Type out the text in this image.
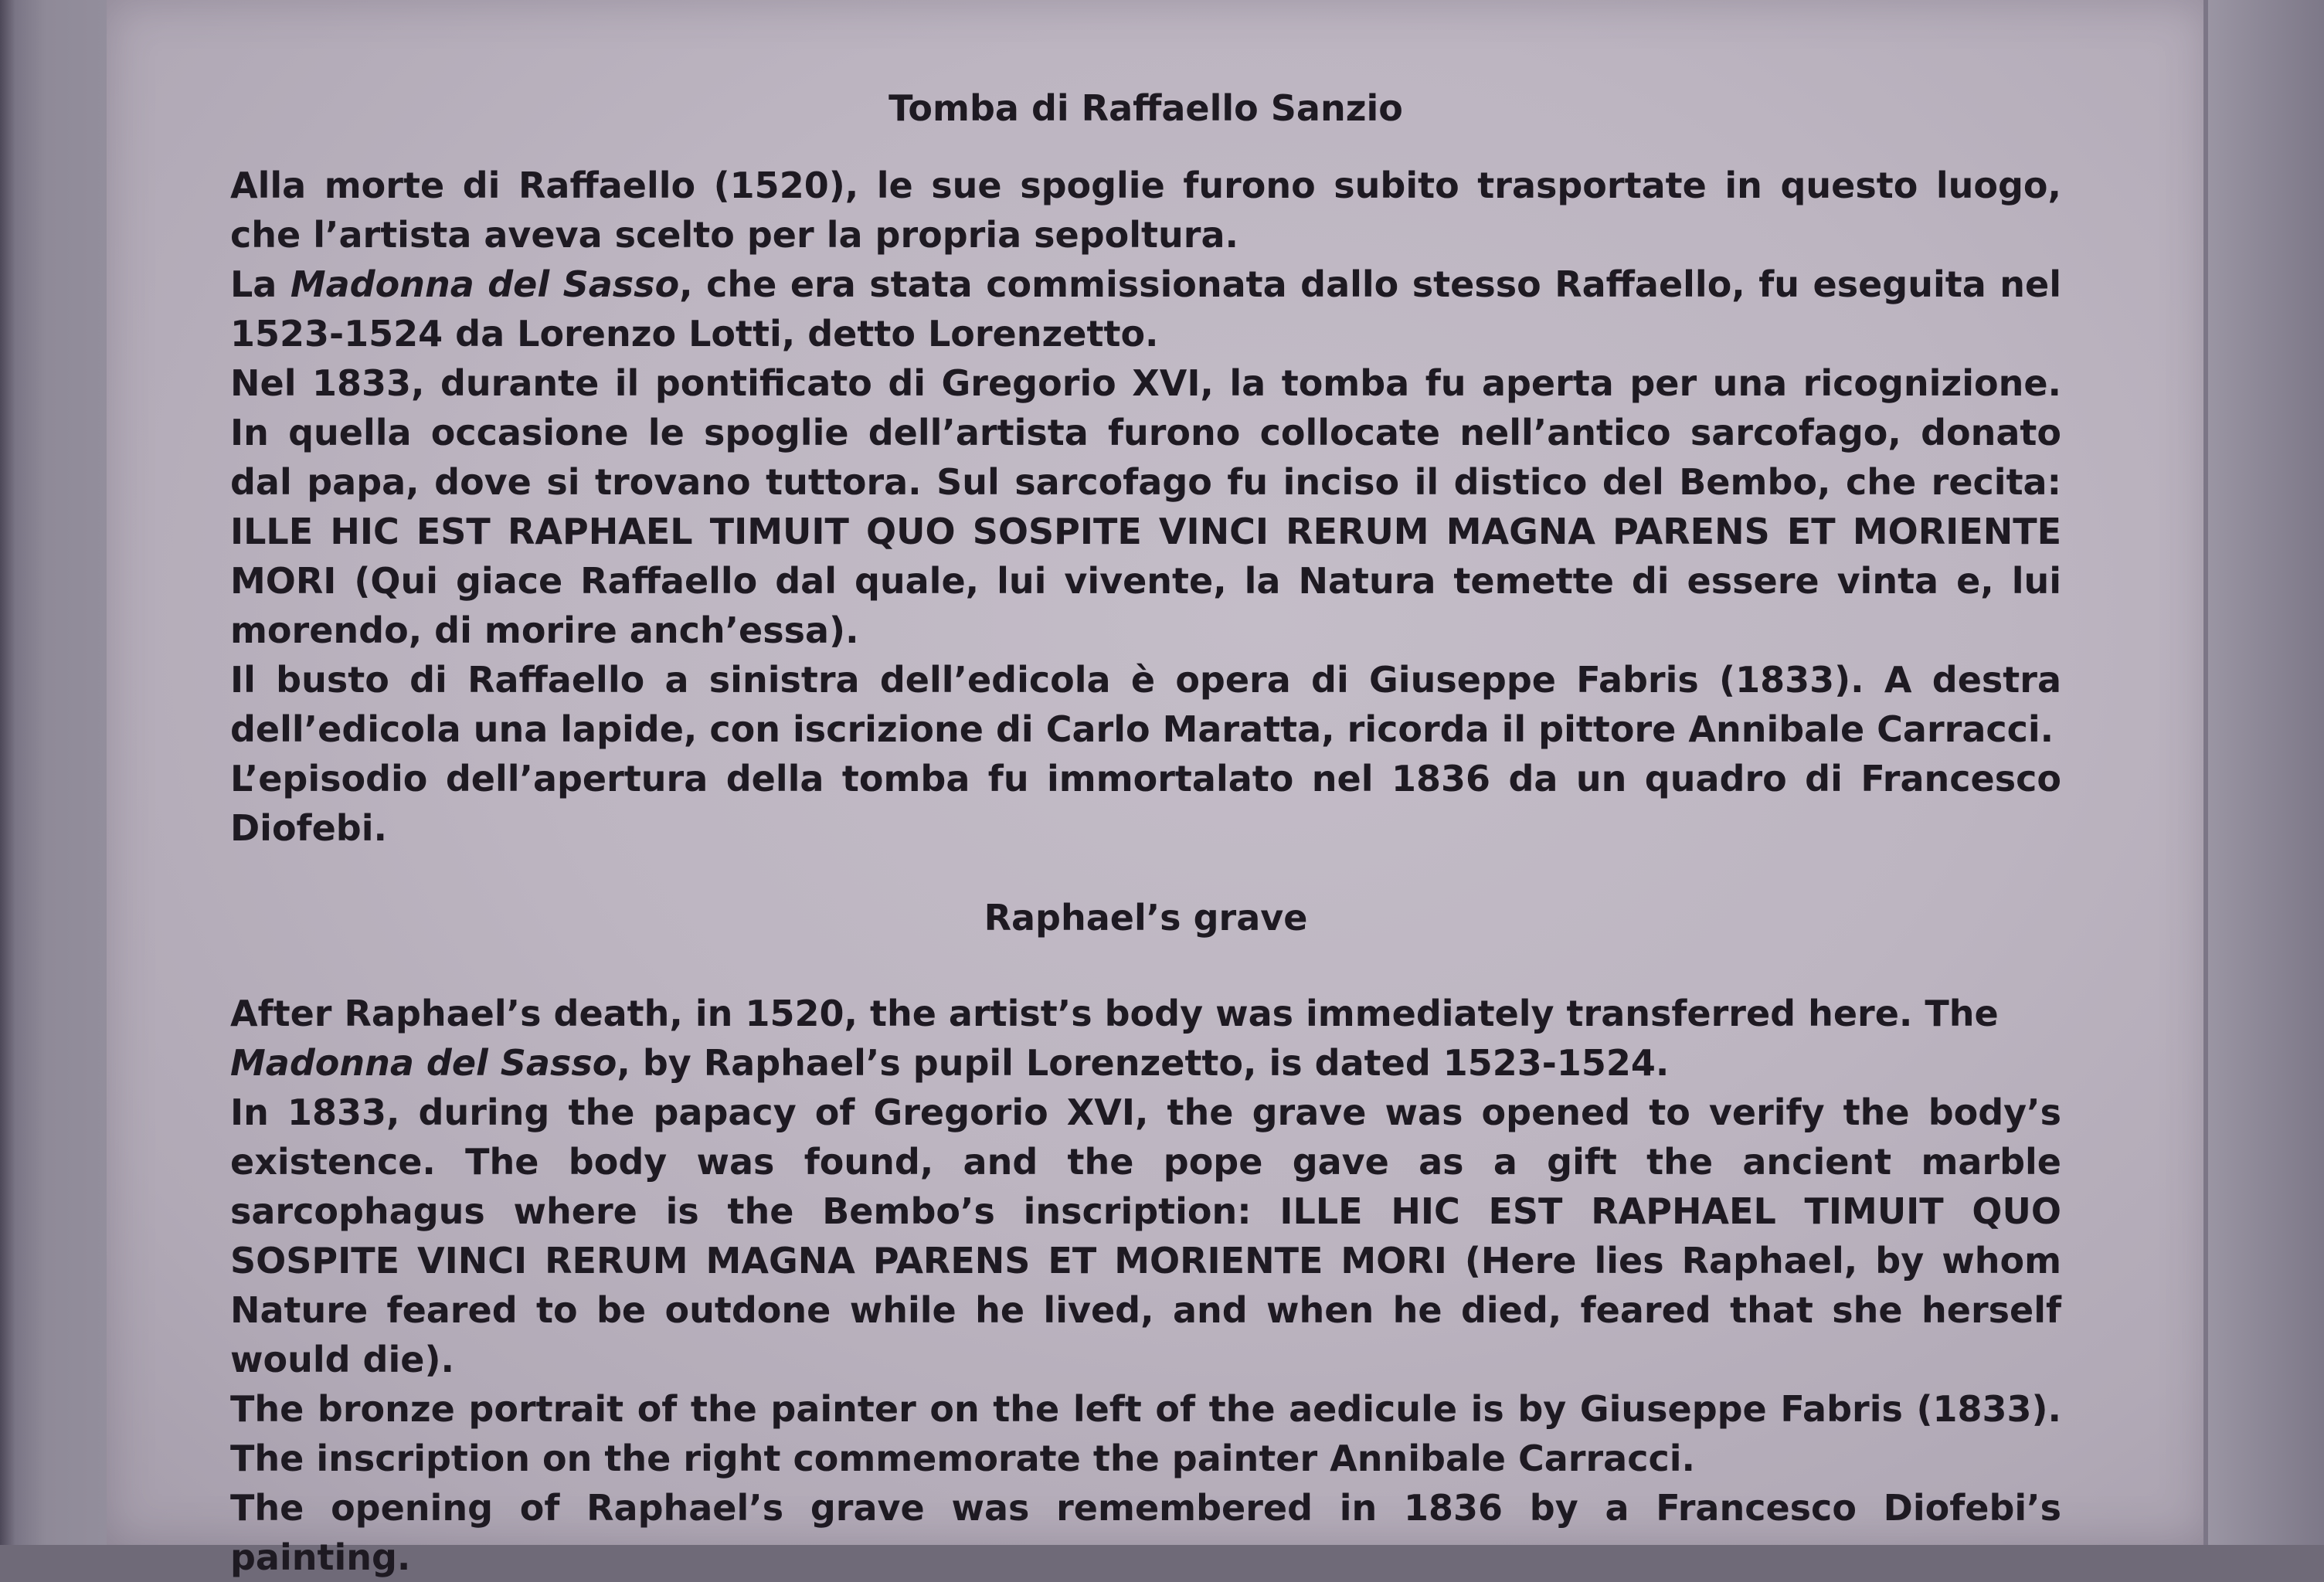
Tomba di Raffaello Sanzio

Alla morte di Raffaello (1520), le sue spoglie furono subito trasportate in questo luogo, che l’artista aveva scelto per la propria sepoltura.

La Madonna del Sasso, che era stata commissionata dallo stesso Raffaello, fu eseguita nel 1523-1524 da Lorenzo Lotti, detto Lorenzetto.

Nel 1833, durante il pontificato di Gregorio XVI, la tomba fu aperta per una ricognizione. In quella occasione le spoglie dell’artista furono collocate nell’antico sarcofago, donato dal papa, dove si trovano tuttora. Sul sarcofago fu inciso il distico del Bembo, che recita: ILLE HIC EST RAPHAEL TIMUIT QUO SOSPITE VINCI RERUM MAGNA PARENS ET MORIENTE MORI (Qui giace Raffaello dal quale, lui vivente, la Natura temette di essere vinta e, lui morendo, di morire anch’essa).

Il busto di Raffaello a sinistra dell’edicola è opera di Giuseppe Fabris (1833). A destra dell’edicola una lapide, con iscrizione di Carlo Maratta, ricorda il pittore Annibale Carracci.

L’episodio dell’apertura della tomba fu immortalato nel 1836 da un quadro di Francesco Diofebi.

Raphael’s grave

After Raphael’s death, in 1520, the artist’s body was immediately transferred here. The

Madonna del Sasso, by Raphael’s pupil Lorenzetto, is dated 1523-1524.

In 1833, during the papacy of Gregorio XVI, the grave was opened to verify the body’s existence. The body was found, and the pope gave as a gift the ancient marble sarcophagus where is the Bembo’s inscription: ILLE HIC EST RAPHAEL TIMUIT QUO SOSPITE VINCI RERUM MAGNA PARENS ET MORIENTE MORI (Here lies Raphael, by whom Nature feared to be outdone while he lived, and when he died, feared that she herself would die).

The bronze portrait of the painter on the left of the aedicule is by Giuseppe Fabris (1833). The inscription on the right commemorate the painter Annibale Carracci.

The opening of Raphael’s grave was remembered in 1836 by a Francesco Diofebi’s painting.
